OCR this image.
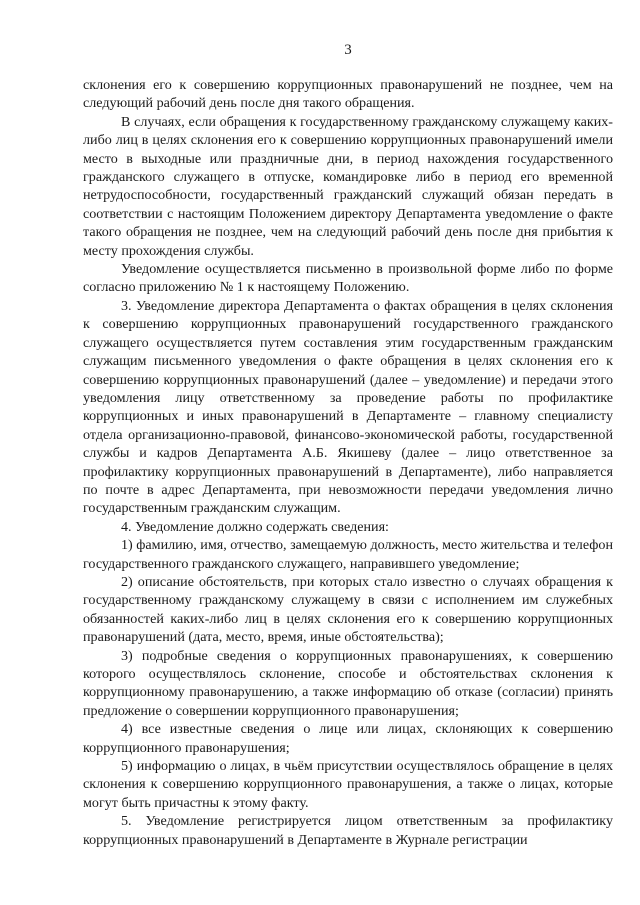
3

склонения его к совершению коррупционных правонарушений не позднее, чем на следующий рабочий день после дня такого обращения.

В случаях, если обращения к государственному гражданскому служащему каких-либо лиц в целях склонения его к совершению коррупционных правонарушений имели место в выходные или праздничные дни, в период нахождения государственного гражданского служащего в отпуске, командировке либо в период его временной нетрудоспособности, государственный гражданский служащий обязан передать в соответствии с настоящим Положением директору Департамента уведомление о факте такого обращения не позднее, чем на следующий рабочий день после дня прибытия к месту прохождения службы.

Уведомление осуществляется письменно в произвольной форме либо по форме согласно приложению № 1 к настоящему Положению.

3. Уведомление директора Департамента о фактах обращения в целях склонения к совершению коррупционных правонарушений государственного гражданского служащего осуществляется путем составления этим государственным гражданским служащим письменного уведомления о факте обращения в целях склонения его к совершению коррупционных правонарушений (далее – уведомление) и передачи этого уведомления лицу ответственному за проведение работы по профилактике коррупционных и иных правонарушений в Департаменте – главному специалисту отдела организационно-правовой, финансово-экономической работы, государственной службы и кадров Департамента А.Б. Якишеву (далее – лицо ответственное за профилактику коррупционных правонарушений в Департаменте), либо направляется по почте в адрес Департамента, при невозможности передачи уведомления лично государственным гражданским служащим.

4. Уведомление должно содержать сведения:

1) фамилию, имя, отчество, замещаемую должность, место жительства и телефон государственного гражданского служащего, направившего уведомление;

2) описание обстоятельств, при которых стало известно о случаях обращения к государственному гражданскому служащему в связи с исполнением им служебных обязанностей каких-либо лиц в целях склонения его к совершению коррупционных правонарушений (дата, место, время, иные обстоятельства);

3) подробные сведения о коррупционных правонарушениях, к совершению которого осуществлялось склонение, способе и обстоятельствах склонения к коррупционному правонарушению, а также информацию об отказе (согласии) принять предложение о совершении коррупционного правонарушения;

4) все известные сведения о лице или лицах, склоняющих к совершению коррупционного правонарушения;

5) информацию о лицах, в чьём присутствии осуществлялось обращение в целях склонения к совершению коррупционного правонарушения, а также о лицах, которые могут быть причастны к этому факту.

5. Уведомление регистрируется лицом ответственным за профилактику коррупционных правонарушений в Департаменте в Журнале регистрации
